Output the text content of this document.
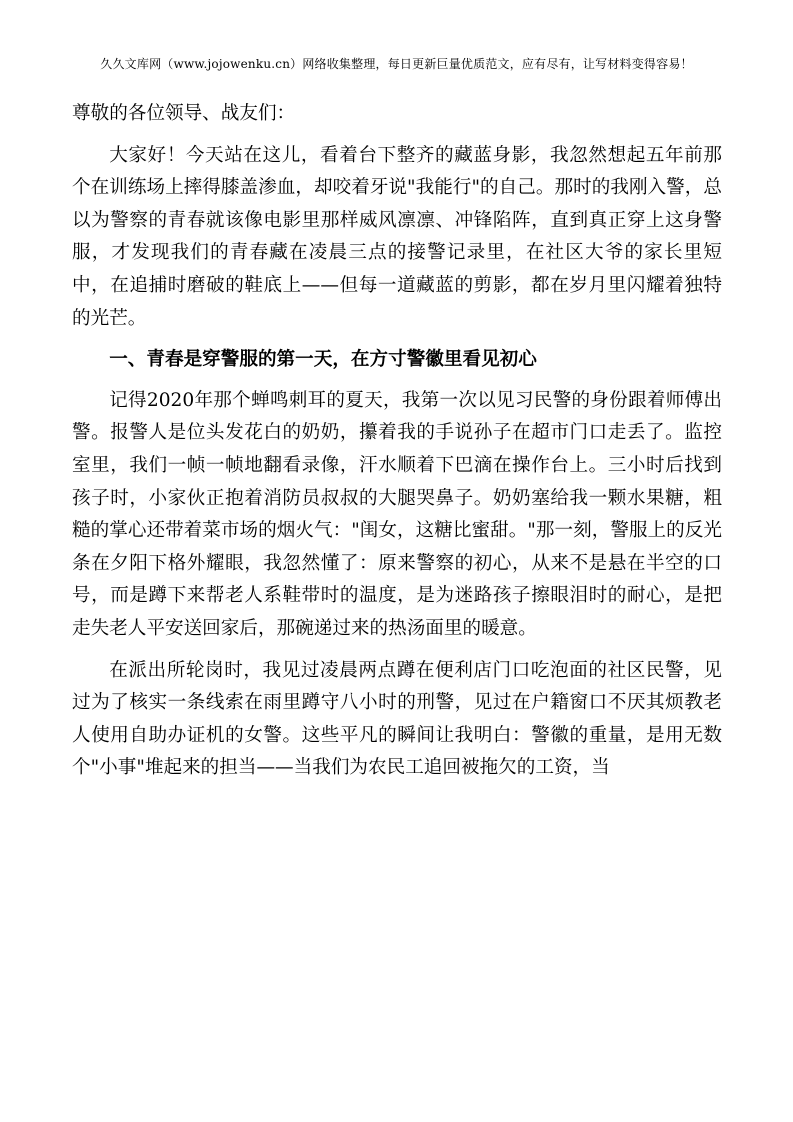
久久文库网（www.jojowenku.cn）网络收集整理，每日更新巨量优质范文，应有尽有，让写材料变得容易！

尊敬的各位领导、战友们：

大家好！今天站在这儿，看着台下整齐的藏蓝身影，我忽然想起五年前那个在训练场上摔得膝盖渗血，却咬着牙说"我能行"的自己。那时的我刚入警，总以为警察的青春就该像电影里那样威风凛凛、冲锋陷阵，直到真正穿上这身警服，才发现我们的青春藏在凌晨三点的接警记录里，在社区大爷的家长里短中，在追捕时磨破的鞋底上——但每一道藏蓝的剪影，都在岁月里闪耀着独特的光芒。

一、青春是穿警服的第一天，在方寸警徽里看见初心

记得2020年那个蝉鸣刺耳的夏天，我第一次以见习民警的身份跟着师傅出警。报警人是位头发花白的奶奶，攥着我的手说孙子在超市门口走丢了。监控室里，我们一帧一帧地翻看录像，汗水顺着下巴滴在操作台上。三小时后找到孩子时，小家伙正抱着消防员叔叔的大腿哭鼻子。奶奶塞给我一颗水果糖，粗糙的掌心还带着菜市场的烟火气："闺女，这糖比蜜甜。"那一刻，警服上的反光条在夕阳下格外耀眼，我忽然懂了：原来警察的初心，从来不是悬在半空的口号，而是蹲下来帮老人系鞋带时的温度，是为迷路孩子擦眼泪时的耐心，是把走失老人平安送回家后，那碗递过来的热汤面里的暖意。

在派出所轮岗时，我见过凌晨两点蹲在便利店门口吃泡面的社区民警，见过为了核实一条线索在雨里蹲守八小时的刑警，见过在户籍窗口不厌其烦教老人使用自助办证机的女警。这些平凡的瞬间让我明白：警徽的重量，是用无数个"小事"堆起来的担当——当我们为农民工追回被拖欠的工资，当
